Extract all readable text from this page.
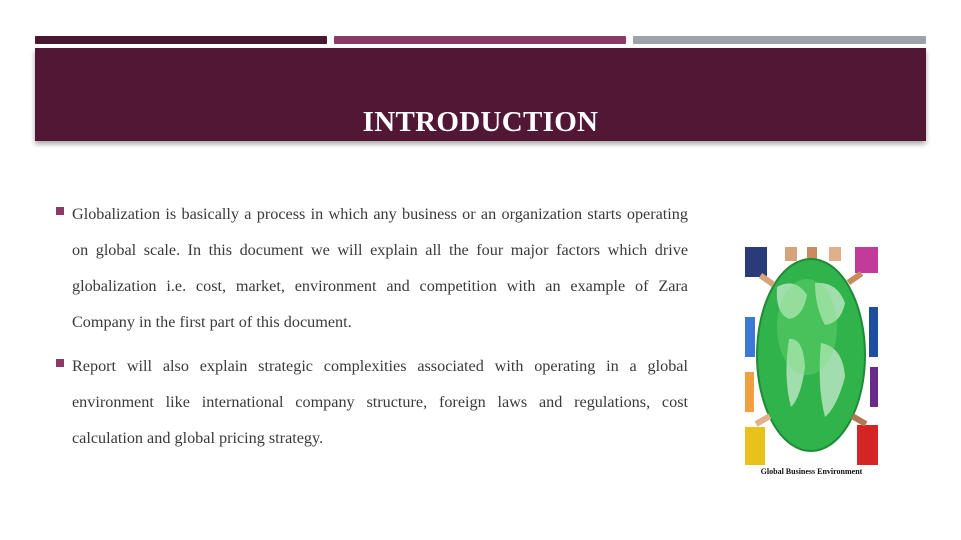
INTRODUCTION

Globalization is basically a process in which any business or an organization starts operating on global scale. In this document we will explain all the four major factors which drive globalization i.e. cost, market, environment and competition with an example of Zara Company in the first part of this document.

Report will also explain strategic complexities associated with operating in a global environment like international company structure, foreign laws and regulations, cost calculation and global pricing strategy.

Global Business Environment
